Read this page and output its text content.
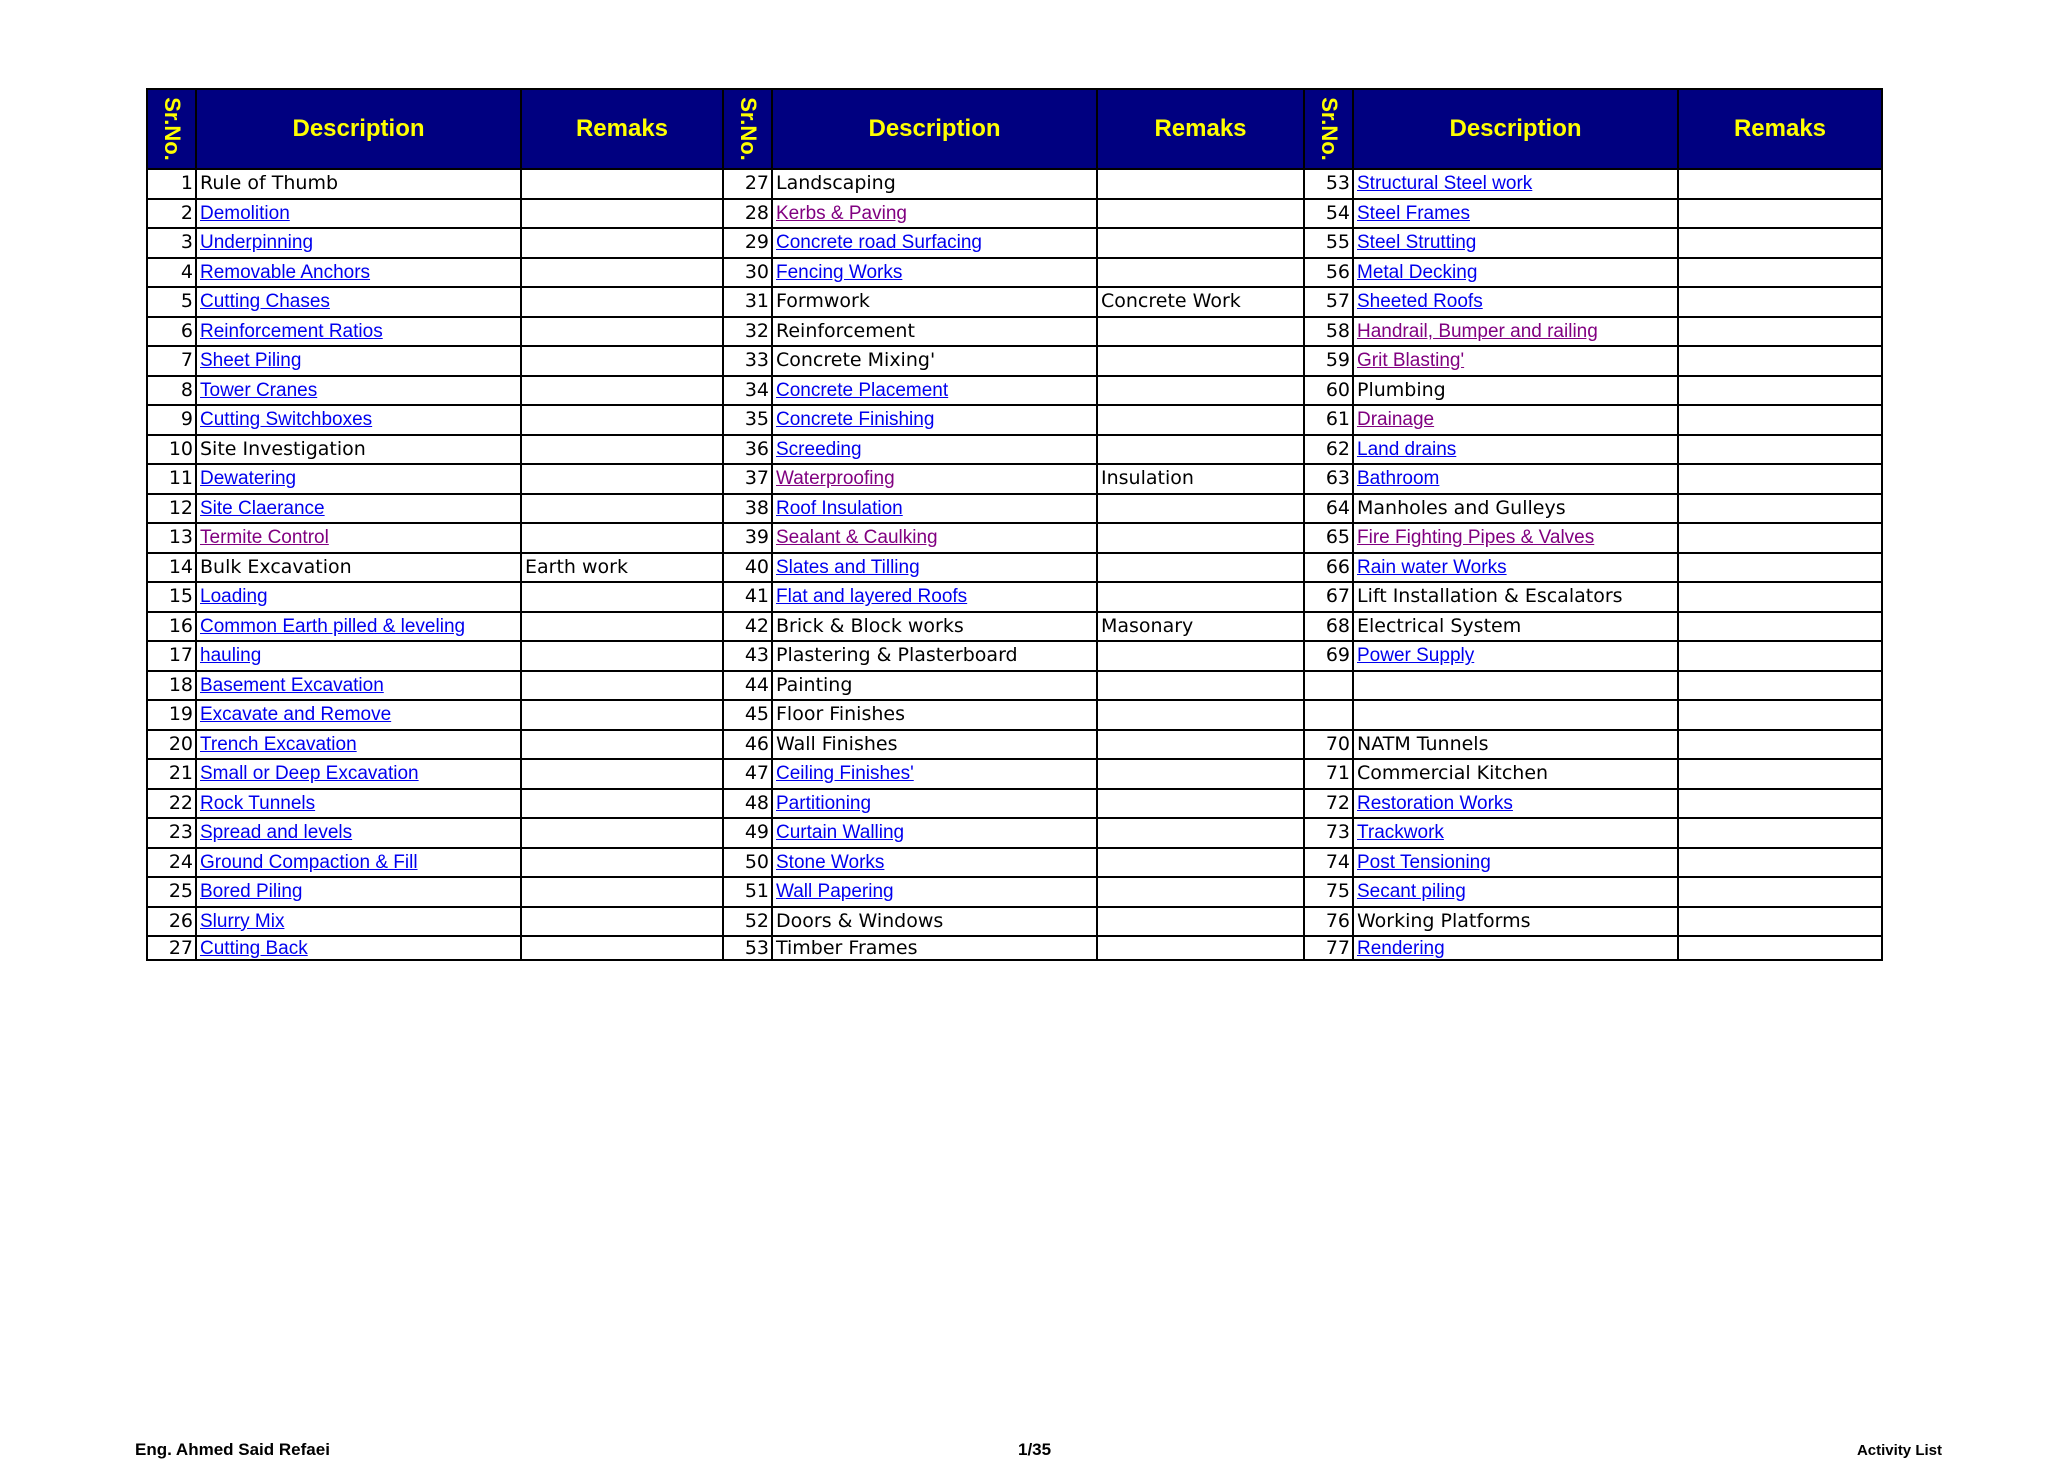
Sr.No.	Description	Remaks	Sr.No.	Description	Remaks	Sr.No.	Description	Remaks
1	Rule of Thumb		27	Landscaping		53	Structural Steel work	
2	Demolition		28	Kerbs & Paving		54	Steel Frames	
3	Underpinning		29	Concrete road Surfacing		55	Steel Strutting	
4	Removable Anchors		30	Fencing Works		56	Metal Decking	
5	Cutting Chases		31	Formwork	Concrete Work	57	Sheeted Roofs	
6	Reinforcement Ratios		32	Reinforcement		58	Handrail, Bumper and railing	
7	Sheet Piling		33	Concrete Mixing'		59	Grit Blasting'	
8	Tower Cranes		34	Concrete Placement		60	Plumbing	
9	Cutting Switchboxes		35	Concrete Finishing		61	Drainage	
10	Site Investigation		36	Screeding		62	Land drains	
11	Dewatering		37	Waterproofing	Insulation	63	Bathroom	
12	Site Claerance		38	Roof Insulation		64	Manholes and Gulleys	
13	Termite Control		39	Sealant & Caulking		65	Fire Fighting Pipes & Valves	
14	Bulk Excavation	Earth work	40	Slates and Tilling		66	Rain water Works	
15	Loading		41	Flat and layered Roofs		67	Lift Installation & Escalators	
16	Common Earth pilled & leveling		42	Brick & Block works	Masonary	68	Electrical System	
17	hauling		43	Plastering & Plasterboard		69	Power Supply	
18	Basement Excavation		44	Painting				
19	Excavate and Remove		45	Floor Finishes				
20	Trench Excavation		46	Wall Finishes		70	NATM Tunnels	
21	Small or Deep Excavation		47	Ceiling Finishes'		71	Commercial Kitchen	
22	Rock Tunnels		48	Partitioning		72	Restoration Works	
23	Spread and levels		49	Curtain Walling		73	Trackwork	
24	Ground Compaction & Fill		50	Stone Works		74	Post Tensioning	
25	Bored Piling		51	Wall Papering		75	Secant piling	
26	Slurry Mix		52	Doors & Windows		76	Working Platforms	
27	Cutting Back		53	Timber Frames		77	Rendering	
Eng. Ahmed Said Refaei	1/35	Activity List
